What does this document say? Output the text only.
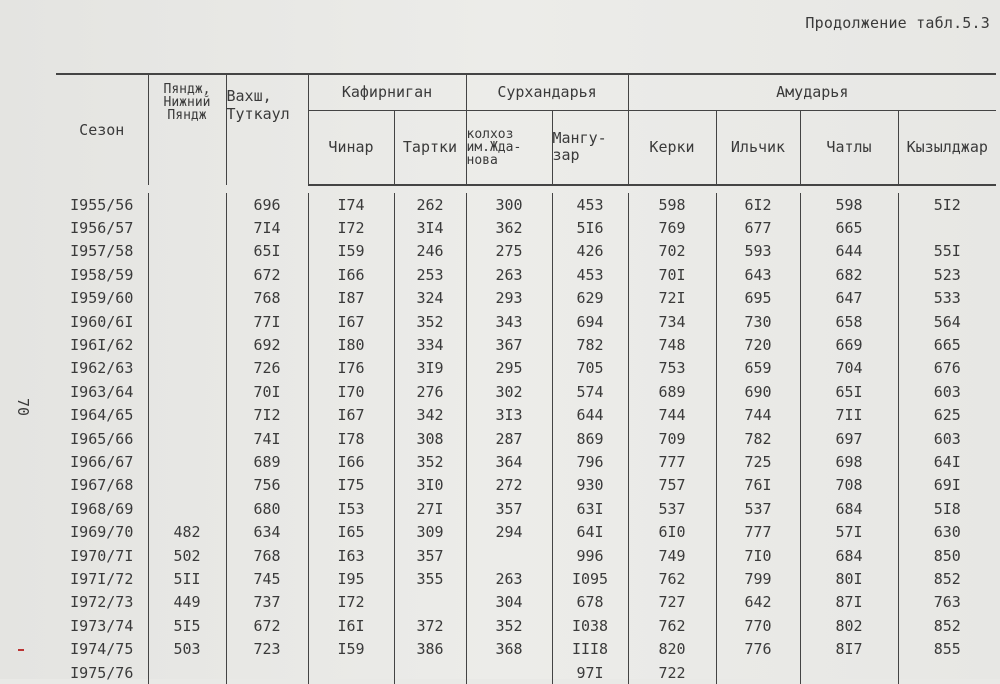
Продолжение табл.5.3
70
Сезон	Пяндж,
Нижний
Пяндж	Вахш,
Туткаул	Кафирниган		Сурхандарья		Амударья			
			Чинар	Тартки	колхоз
им.Жда-
нова	Мангу-
зар	Керки	Ильчик	Чатлы	Кызылджар

I955/56		696	I74	262	300	453	598	6I2	598	5I2
I956/57		7I4	I72	3I4	362	5I6	769	677	665	
I957/58		65I	I59	246	275	426	702	593	644	55I
I958/59		672	I66	253	263	453	70I	643	682	523
I959/60		768	I87	324	293	629	72I	695	647	533
I960/6I		77I	I67	352	343	694	734	730	658	564
I96I/62		692	I80	334	367	782	748	720	669	665
I962/63		726	I76	3I9	295	705	753	659	704	676
I963/64		70I	I70	276	302	574	689	690	65I	603
I964/65		7I2	I67	342	3I3	644	744	744	7II	625
I965/66		74I	I78	308	287	869	709	782	697	603
I966/67		689	I66	352	364	796	777	725	698	64I
I967/68		756	I75	3I0	272	930	757	76I	708	69I
I968/69		680	I53	27I	357	63I	537	537	684	5I8
I969/70	482	634	I65	309	294	64I	6I0	777	57I	630
I970/7I	502	768	I63	357		996	749	7I0	684	850
I97I/72	5II	745	I95	355	263	I095	762	799	80I	852
I972/73	449	737	I72		304	678	727	642	87I	763
I973/74	5I5	672	I6I	372	352	I038	762	770	802	852
I974/75	503	723	I59	386	368	III8	820	776	8I7	855
I975/76						97I	722			
